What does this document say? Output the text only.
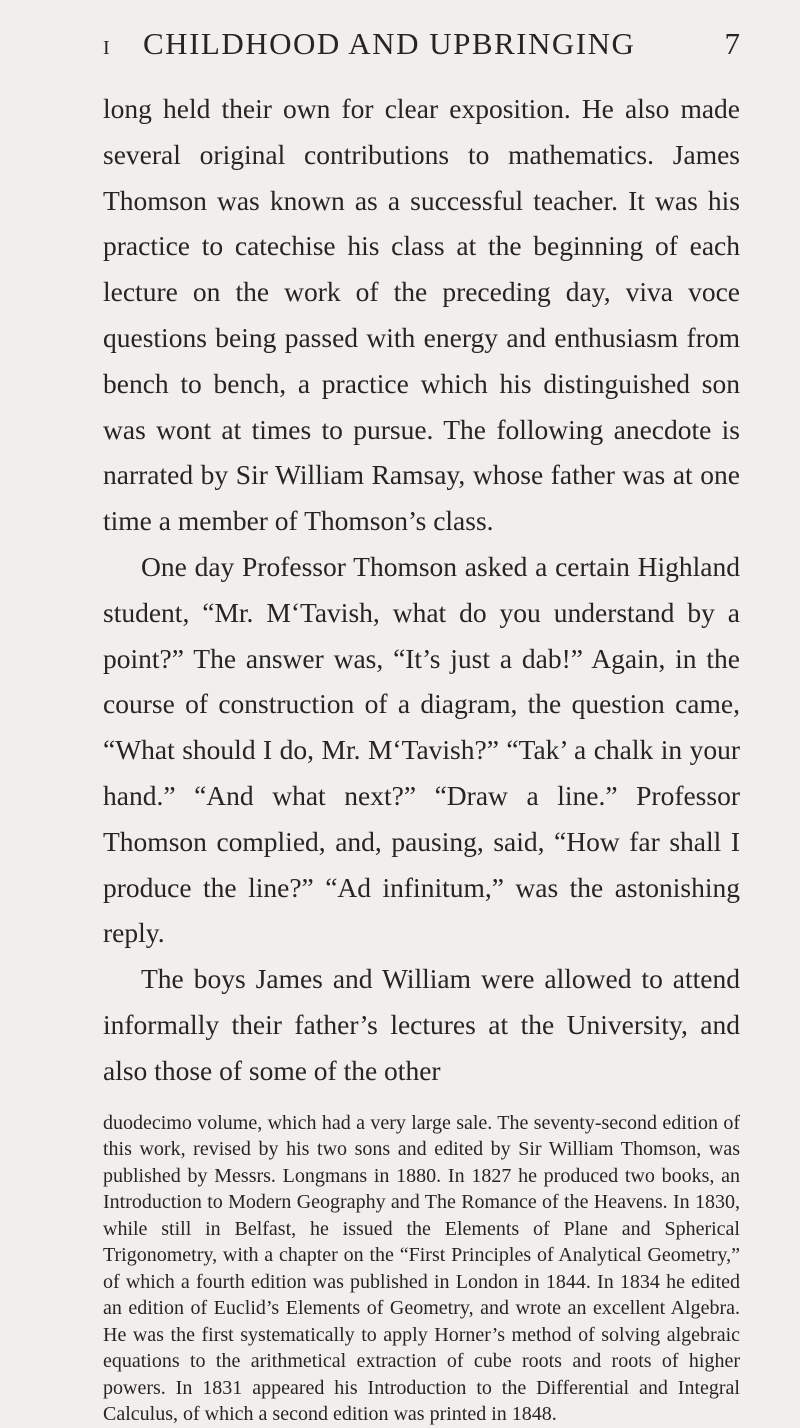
I	CHILDHOOD AND UPBRINGING	7

long held their own for clear exposition. He also made several original contributions to mathematics. James Thomson was known as a successful teacher. It was his practice to catechise his class at the beginning of each lecture on the work of the preceding day, viva voce questions being passed with energy and enthusiasm from bench to bench, a practice which his distinguished son was wont at times to pursue. The following anecdote is narrated by Sir William Ramsay, whose father was at one time a member of Thomson’s class.

One day Professor Thomson asked a certain Highland student, “Mr. M‘Tavish, what do you understand by a point?” The answer was, “It’s just a dab!” Again, in the course of construction of a diagram, the question came, “What should I do, Mr. M‘Tavish?” “Tak’ a chalk in your hand.” “And what next?” “Draw a line.” Professor Thomson complied, and, pausing, said, “How far shall I produce the line?” “Ad infinitum,” was the astonishing reply.

The boys James and William were allowed to attend informally their father’s lectures at the University, and also those of some of the other

duodecimo volume, which had a very large sale. The seventy-second edition of this work, revised by his two sons and edited by Sir William Thomson, was published by Messrs. Longmans in 1880. In 1827 he produced two books, an Introduction to Modern Geography and The Romance of the Heavens. In 1830, while still in Belfast, he issued the Elements of Plane and Spherical Trigonometry, with a chapter on the “First Principles of Analytical Geometry,” of which a fourth edition was published in London in 1844. In 1834 he edited an edition of Euclid’s Elements of Geometry, and wrote an excellent Algebra. He was the first systematically to apply Horner’s method of solving algebraic equations to the arithmetical extraction of cube roots and roots of higher powers. In 1831 appeared his Introduction to the Differential and Integral Calculus, of which a second edition was printed in 1848.
